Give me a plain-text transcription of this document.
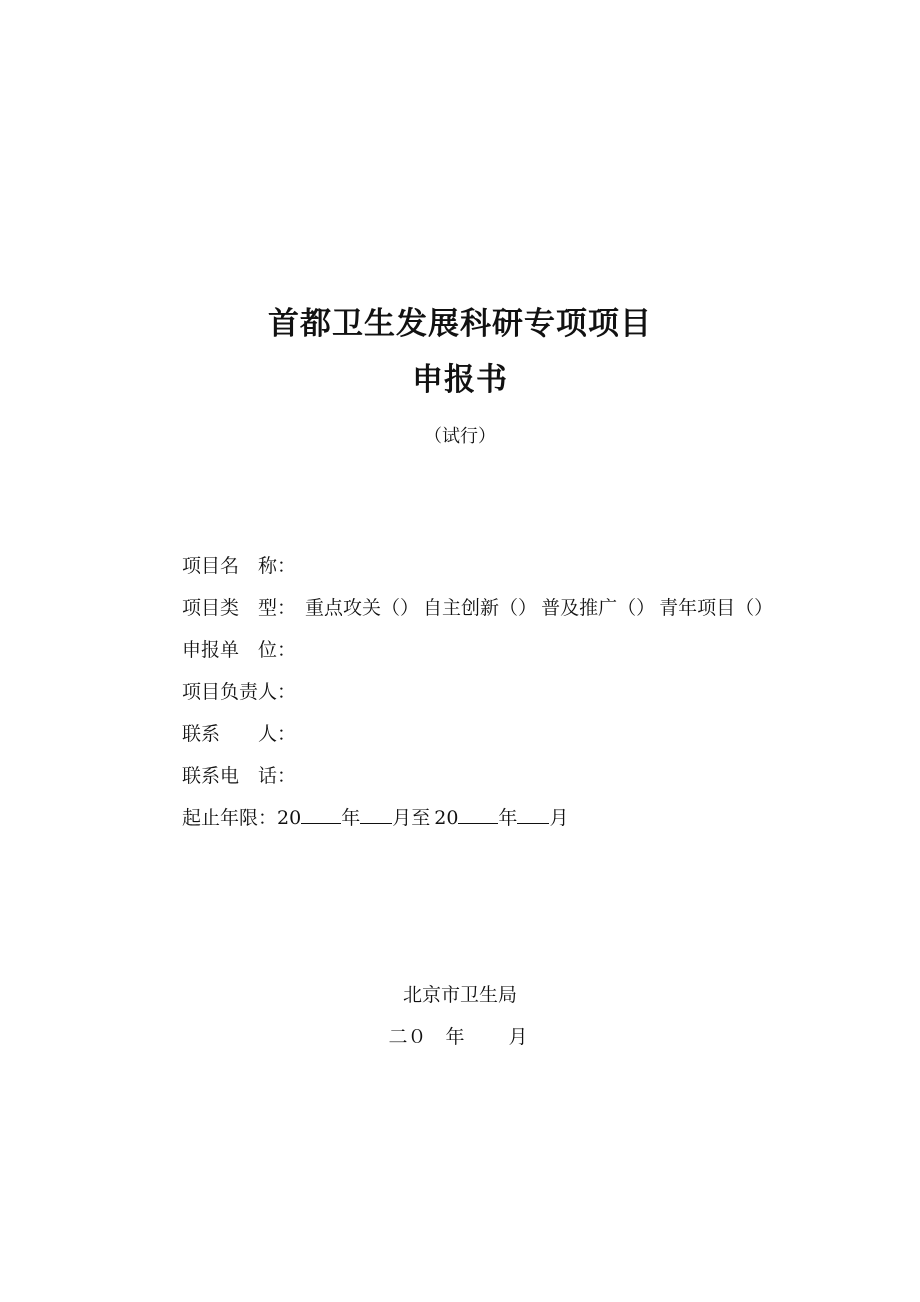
首都卫生发展科研专项项目
申报书
（试行）
项目名　称：
项目类　型： 重点攻关（） 自主创新（） 普及推广（） 青年项目（）
申报单　位：
项目负责人：
联系　　人：
联系电　话：
起止年限：20 年 月至 20 年 月
北京市卫生局
二０　年 月
